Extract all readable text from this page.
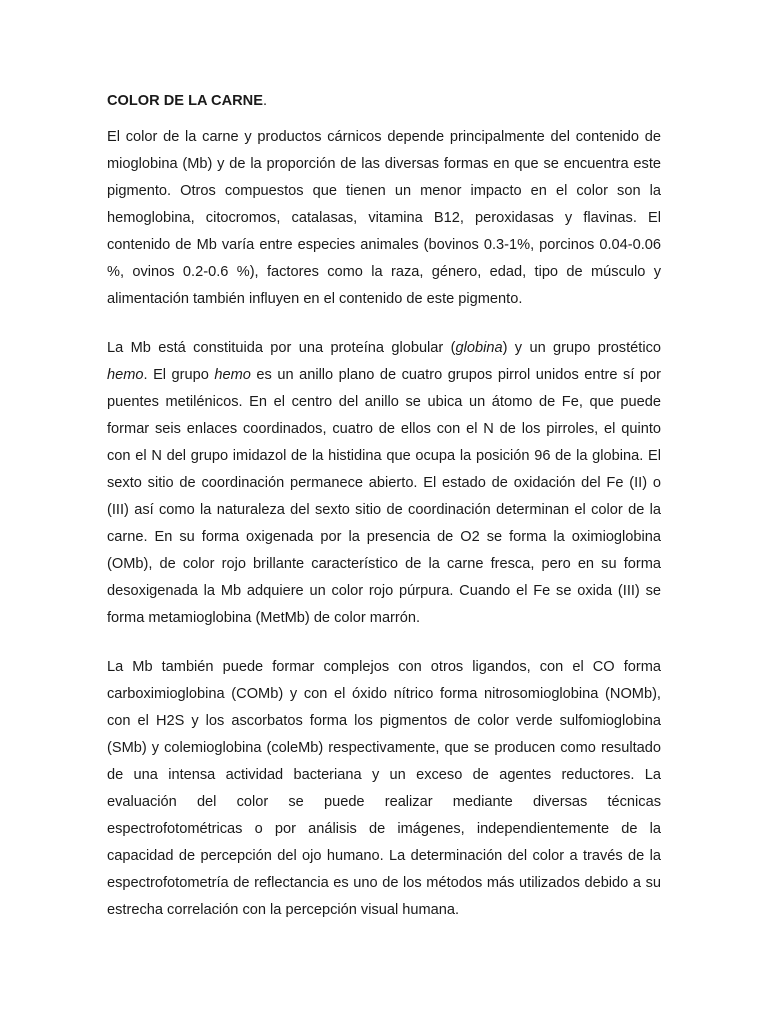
COLOR DE LA CARNE.

El color de la carne y productos cárnicos depende principalmente del contenido de mioglobina (Mb) y de la proporción de las diversas formas en que se encuentra este pigmento. Otros compuestos que tienen un menor impacto en el color son la hemoglobina, citocromos, catalasas, vitamina B12, peroxidasas y flavinas. El contenido de Mb varía entre especies animales (bovinos 0.3-1%, porcinos 0.04-0.06 %, ovinos 0.2-0.6 %), factores como la raza, género, edad, tipo de músculo y alimentación también influyen en el contenido de este pigmento.

La Mb está constituida por una proteína globular (globina) y un grupo prostético hemo. El grupo hemo es un anillo plano de cuatro grupos pirrol unidos entre sí por puentes metilénicos. En el centro del anillo se ubica un átomo de Fe, que puede formar seis enlaces coordinados, cuatro de ellos con el N de los pirroles, el quinto con el N del grupo imidazol de la histidina que ocupa la posición 96 de la globina. El sexto sitio de coordinación permanece abierto. El estado de oxidación del Fe (II) o (III) así como la naturaleza del sexto sitio de coordinación determinan el color de la carne. En su forma oxigenada por la presencia de O2 se forma la oximioglobina (OMb), de color rojo brillante característico de la carne fresca, pero en su forma desoxigenada la Mb adquiere un color rojo púrpura. Cuando el Fe se oxida (III) se forma metamioglobina (MetMb) de color marrón.

La Mb también puede formar complejos con otros ligandos, con el CO forma carboximioglobina (COMb) y con el óxido nítrico forma nitrosomioglobina (NOMb), con el H2S y los ascorbatos forma los pigmentos de color verde sulfomioglobina (SMb) y colemioglobina (coleMb) respectivamente, que se producen como resultado de una intensa actividad bacteriana y un exceso de agentes reductores. La evaluación del color se puede realizar mediante diversas técnicas espectrofotométricas o por análisis de imágenes, independientemente de la capacidad de percepción del ojo humano. La determinación del color a través de la espectrofotometría de reflectancia es uno de los métodos más utilizados debido a su estrecha correlación con la percepción visual humana.
